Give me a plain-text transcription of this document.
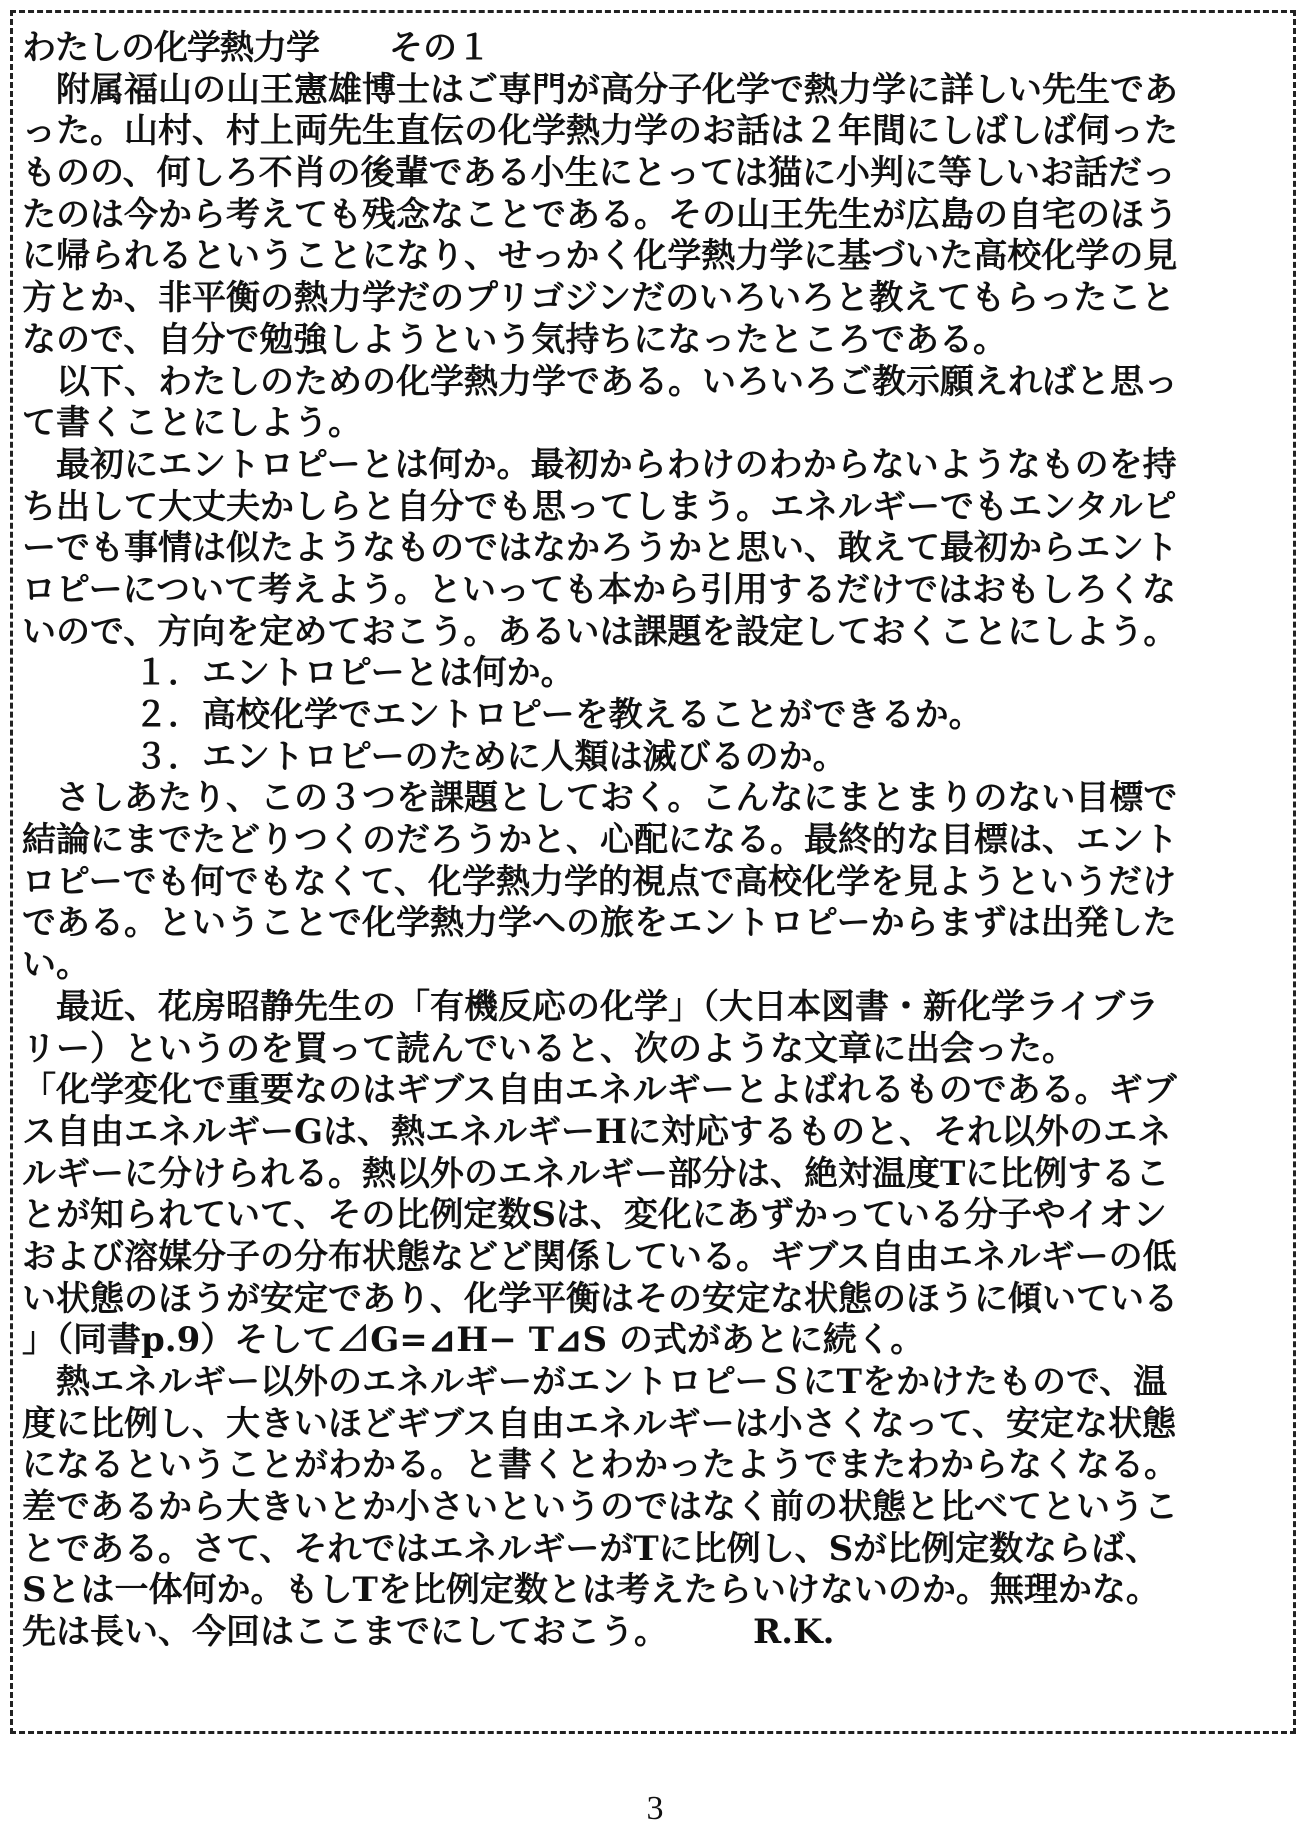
わたしの化学熱力学 その１
附属福山の山王憲雄博士はご専門が高分子化学で熱力学に詳しい先生であ
った。山村、村上両先生直伝の化学熱力学のお話は２年間にしばしば伺った
ものの、何しろ不肖の後輩である小生にとっては猫に小判に等しいお話だっ
たのは今から考えても残念なことである。その山王先生が広島の自宅のほう
に帰られるということになり、せっかく化学熱力学に基づいた高校化学の見
方とか、非平衡の熱力学だのプリゴジンだのいろいろと教えてもらったこと
なので、自分で勉強しようという気持ちになったところである。
以下、わたしのための化学熱力学である。いろいろご教示願えればと思っ
て書くことにしよう。
最初にエントロピーとは何か。最初からわけのわからないようなものを持
ち出して大丈夫かしらと自分でも思ってしまう。エネルギーでもエンタルピ
ーでも事情は似たようなものではなかろうかと思い、敢えて最初からエント
ロピーについて考えよう。といっても本から引用するだけではおもしろくな
いので、方向を定めておこう。あるいは課題を設定しておくことにしよう。
１．エントロピーとは何か。
２．高校化学でエントロピーを教えることができるか。
３．エントロピーのために人類は滅びるのか。
さしあたり、この３つを課題としておく。こんなにまとまりのない目標で
結論にまでたどりつくのだろうかと、心配になる。最終的な目標は、エント
ロピーでも何でもなくて、化学熱力学的視点で高校化学を見ようというだけ
である。ということで化学熱力学への旅をエントロピーからまずは出発した
い。
最近、花房昭静先生の「有機反応の化学」（大日本図書・新化学ライブラ
リー）というのを買って読んでいると、次のような文章に出会った。
「化学変化で重要なのはギブス自由エネルギーとよばれるものである。ギブ
ス自由エネルギーGは、熱エネルギーHに対応するものと、それ以外のエネ
ルギーに分けられる。熱以外のエネルギー部分は、絶対温度Tに比例するこ
とが知られていて、その比例定数Sは、変化にあずかっている分子やイオン
および溶媒分子の分布状態などど関係している。ギブス自由エネルギーの低
い状態のほうが安定であり、化学平衡はその安定な状態のほうに傾いている
」（同書p.9）そして⊿G=⊿H− T⊿S の式があとに続く。
熱エネルギー以外のエネルギーがエントロピーＳにTをかけたもので、温
度に比例し、大きいほどギブス自由エネルギーは小さくなって、安定な状態
になるということがわかる。と書くとわかったようでまたわからなくなる。
差であるから大きいとか小さいというのではなく前の状態と比べてというこ
とである。さて、それではエネルギーがTに比例し、Sが比例定数ならば、
Sとは一体何か。もしTを比例定数とは考えたらいけないのか。無理かな。
先は長い、今回はここまでにしておこう。　　　R.K.
3
